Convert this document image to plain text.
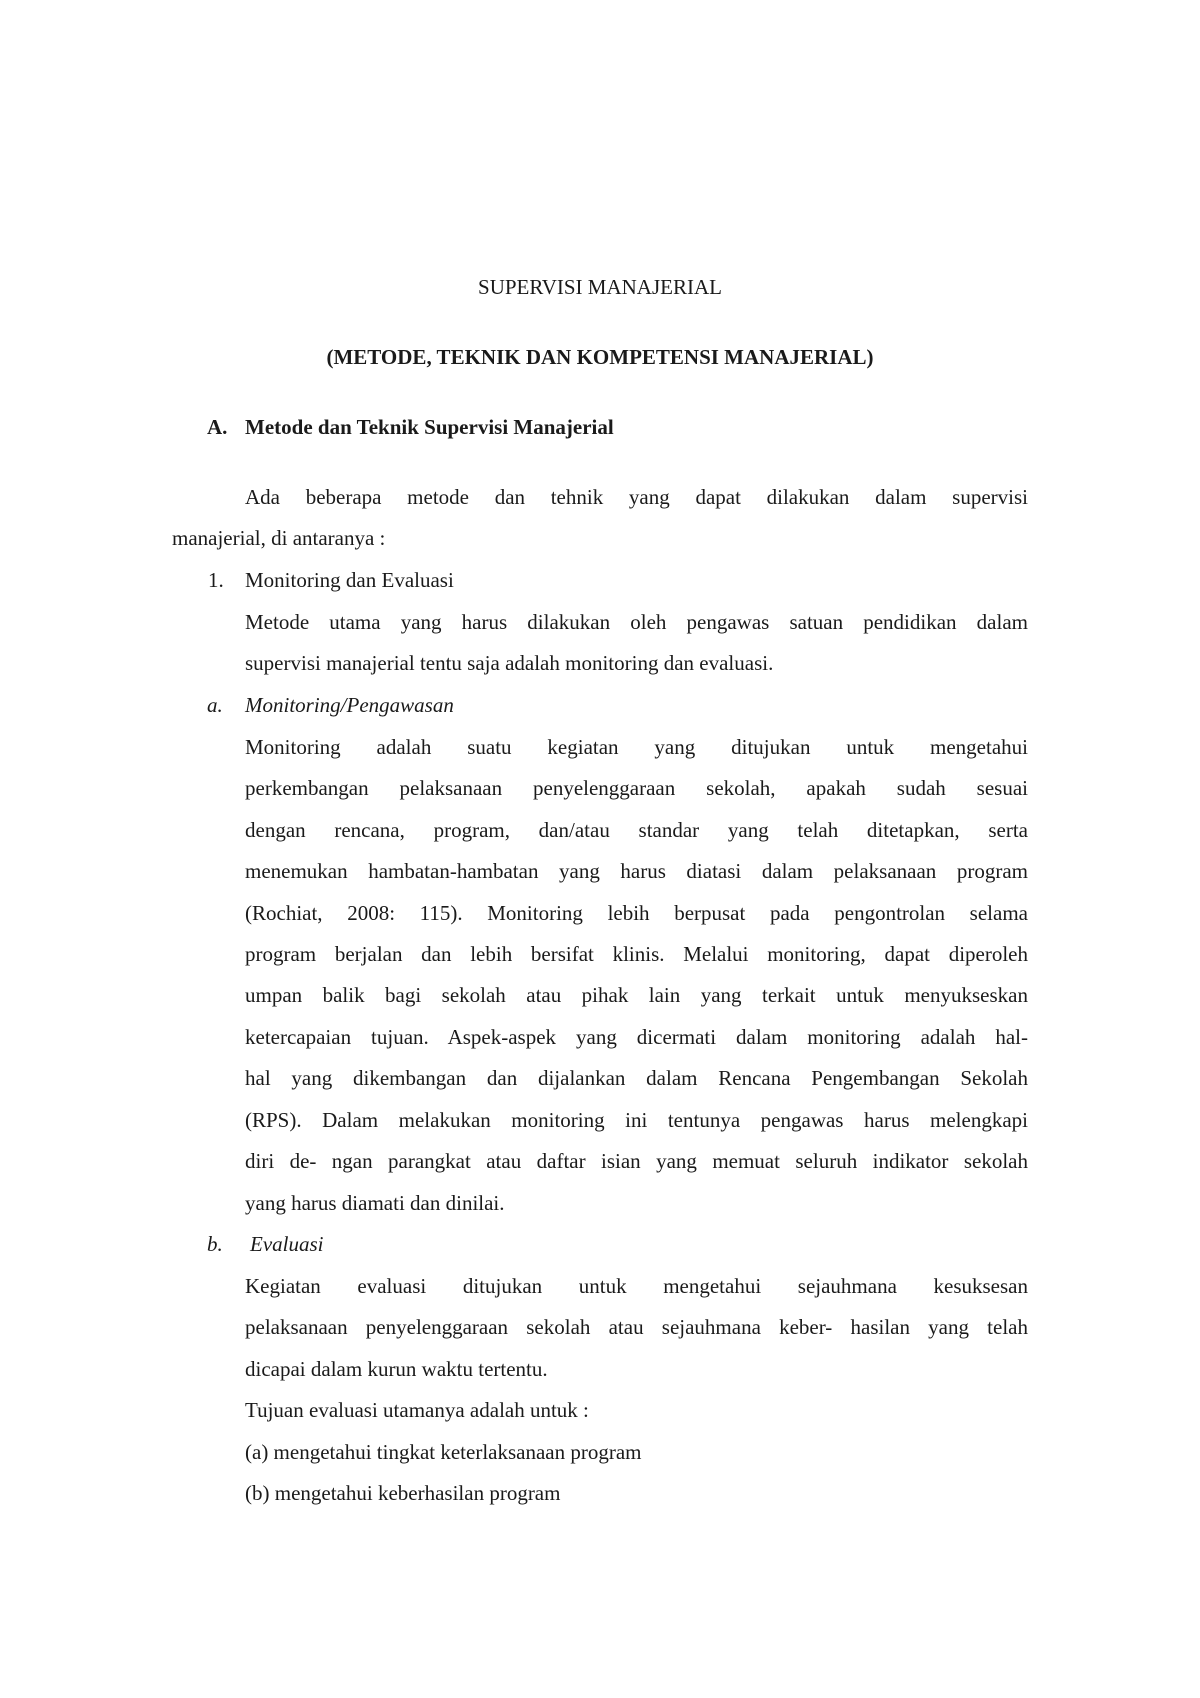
SUPERVISI MANAJERIAL
(METODE, TEKNIK DAN KOMPETENSI MANAJERIAL)
A. Metode dan Teknik Supervisi Manajerial
Ada beberapa metode dan tehnik yang dapat dilakukan dalam supervisi
manajerial, di antaranya :
1. Monitoring dan Evaluasi
Metode utama yang harus dilakukan oleh pengawas satuan pendidikan dalam
supervisi manajerial tentu saja adalah monitoring dan evaluasi.
a. Monitoring/Pengawasan
Monitoring adalah suatu kegiatan yang ditujukan untuk mengetahui
perkembangan pelaksanaan penyelenggaraan sekolah, apakah sudah sesuai
dengan rencana, program, dan/atau standar yang telah ditetapkan, serta
menemukan hambatan-hambatan yang harus diatasi dalam pelaksanaan program
(Rochiat, 2008: 115). Monitoring lebih berpusat pada pengontrolan selama
program berjalan dan lebih bersifat klinis. Melalui monitoring, dapat diperoleh
umpan balik bagi sekolah atau pihak lain yang terkait untuk menyukseskan
ketercapaian tujuan. Aspek-aspek yang dicermati dalam monitoring adalah hal-
hal yang dikembangan dan dijalankan dalam Rencana Pengembangan Sekolah
(RPS). Dalam melakukan monitoring ini tentunya pengawas harus melengkapi
diri de- ngan parangkat atau daftar isian yang memuat seluruh indikator sekolah
yang harus diamati dan dinilai.
b. Evaluasi
Kegiatan evaluasi ditujukan untuk mengetahui sejauhmana kesuksesan
pelaksanaan penyelenggaraan sekolah atau sejauhmana keber- hasilan yang telah
dicapai dalam kurun waktu tertentu.
Tujuan evaluasi utamanya adalah untuk :
(a) mengetahui tingkat keterlaksanaan program
(b) mengetahui keberhasilan program
